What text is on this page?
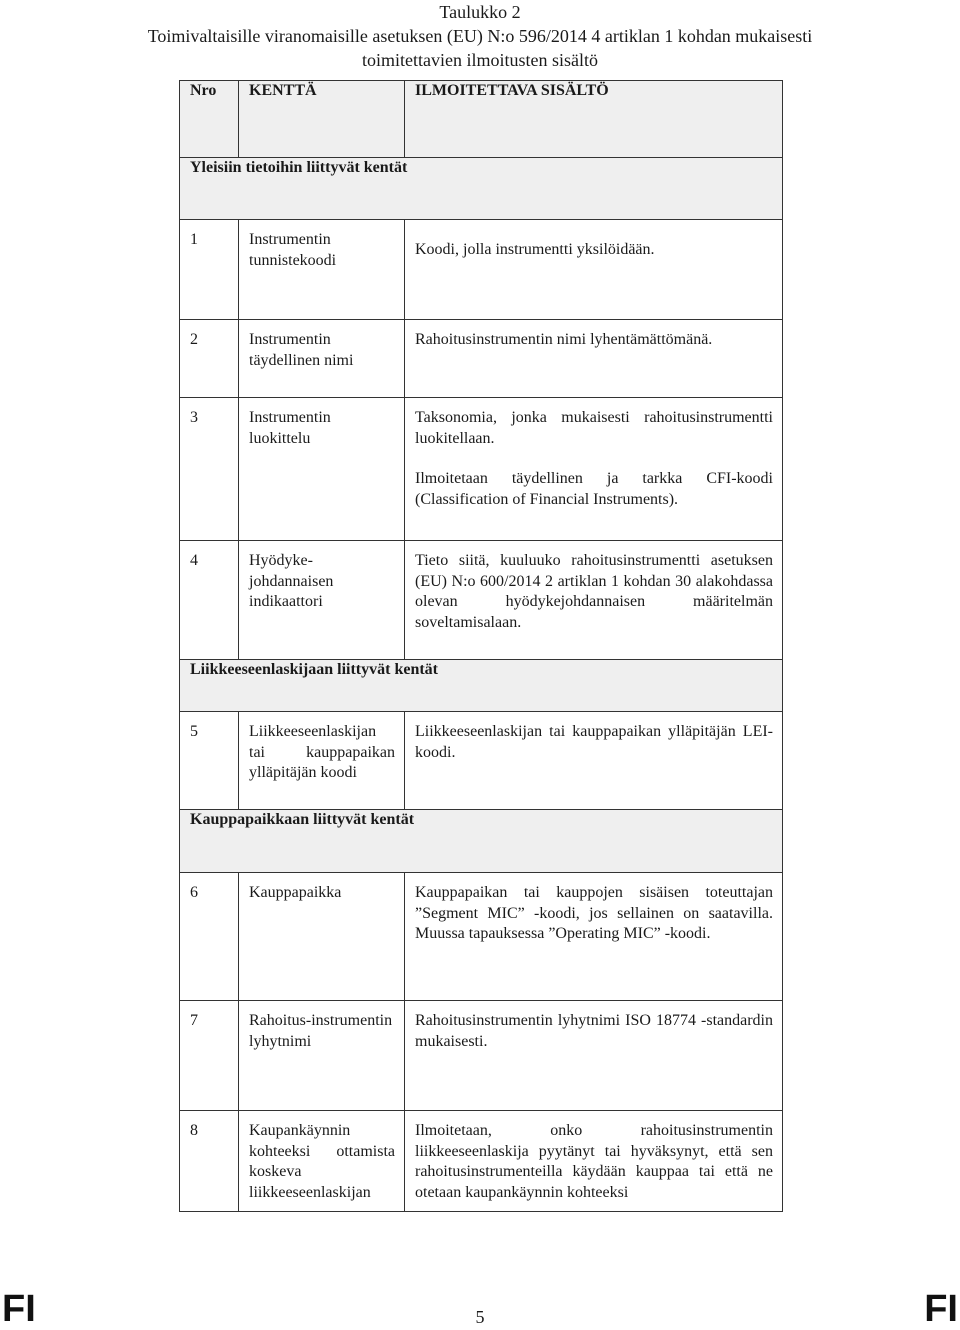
Taulukko 2
Toimivaltaisille viranomaisille asetuksen (EU) N:o 596/2014 4 artiklan 1 kohdan mukaisesti
toimitettavien ilmoitusten sisältö
Nro	KENTTÄ	ILMOITETTAVA SISÄLTÖ

Yleisiin tietoihin liittyvät kentät		

1	Instrumentin tunnistekoodi	Koodi, jolla instrumentti yksilöidään.

2	Instrumentin täydellinen nimi	Rahoitusinstrumentin nimi lyhentämättömänä.

3	Instrumentin luokittelu	Taksonomia, jonka mukaisesti rahoitusinstrumentti luokitellaan.
Ilmoitetaan täydellinen ja tarkka CFI-koodi (Classification of Financial Instruments).

4	Hyödyke-johdannaisen indikaattori	Tieto siitä, kuuluuko rahoitusinstrumentti asetuksen (EU) N:o 600/2014 2 artiklan 1 kohdan 30 alakohdassa olevan hyödykejohdannaisen määritelmän soveltamisalaan.

Liikkeeseenlaskijaan liittyvät kentät		

5	Liikkeeseenlaskijan tai kauppapaikan ylläpitäjän koodi	Liikkeeseenlaskijan tai kauppapaikan ylläpitäjän LEI-koodi.

Kauppapaikkaan liittyvät kentät		

6	Kauppapaikka	Kauppapaikan tai kauppojen sisäisen toteuttajan ”Segment MIC” -koodi, jos sellainen on saatavilla. Muussa tapauksessa ”Operating MIC” -koodi.

7	Rahoitus-instrumentin lyhytnimi	Rahoitusinstrumentin lyhytnimi ISO 18774 -standardin mukaisesti.

8	Kaupankäynnin kohteeksi ottamista koskeva liikkeeseenlaskijan	Ilmoitetaan, onko rahoitusinstrumentin liikkeeseenlaskija pyytänyt tai hyväksynyt, että sen rahoitusinstrumenteilla käydään kauppaa tai että ne otetaan kaupankäynnin kohteeksi
FI	5	FI
